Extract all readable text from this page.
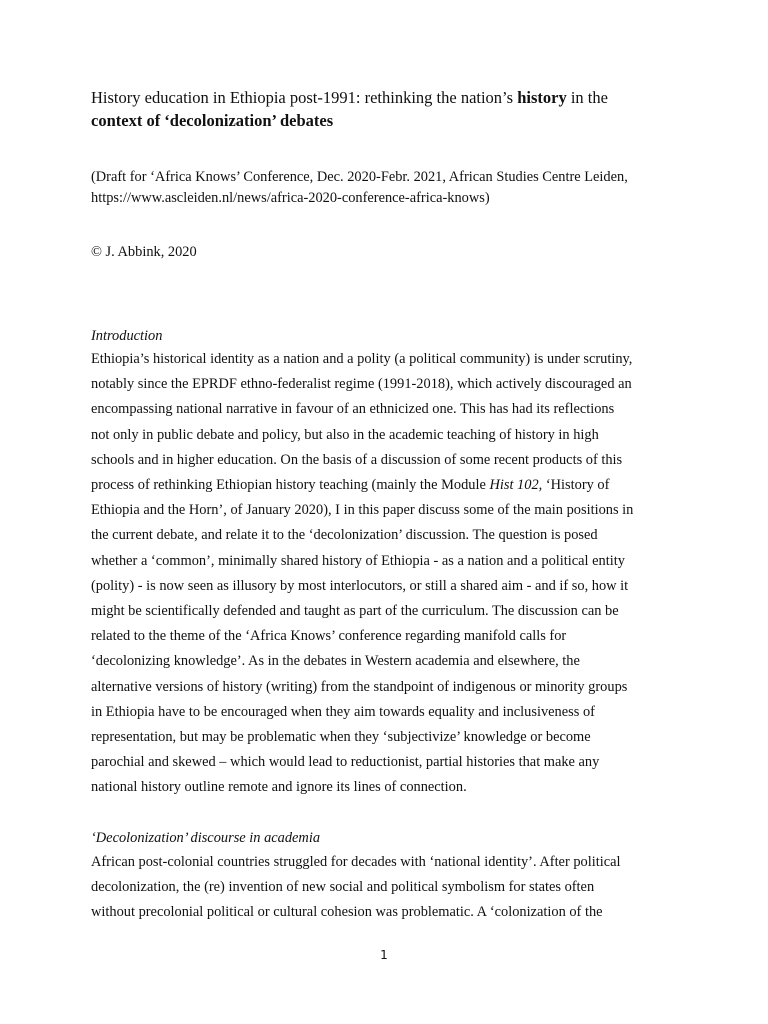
History education in Ethiopia post-1991: rethinking the nation’s history in the
context of ‘decolonization’ debates
(Draft for ‘Africa Knows’ Conference, Dec. 2020-Febr. 2021, African Studies Centre Leiden,
https://www.ascleiden.nl/news/africa-2020-conference-africa-knows)
© J. Abbink, 2020
Introduction
Ethiopia’s historical identity as a nation and a polity (a political community) is under scrutiny,
notably since the EPRDF ethno-federalist regime (1991-2018), which actively discouraged an
encompassing national narrative in favour of an ethnicized one. This has had its reflections
not only in public debate and policy, but also in the academic teaching of history in high
schools and in higher education. On the basis of a discussion of some recent products of this
process of rethinking Ethiopian history teaching (mainly the Module Hist 102, ‘History of
Ethiopia and the Horn’, of January 2020), I in this paper discuss some of the main positions in
the current debate, and relate it to the ‘decolonization’ discussion. The question is posed
whether a ‘common’, minimally shared history of Ethiopia - as a nation and a political entity
(polity) - is now seen as illusory by most interlocutors, or still a shared aim - and if so, how it
might be scientifically defended and taught as part of the curriculum. The discussion can be
related to the theme of the ‘Africa Knows’ conference regarding manifold calls for
‘decolonizing knowledge’. As in the debates in Western academia and elsewhere, the
alternative versions of history (writing) from the standpoint of indigenous or minority groups
in Ethiopia have to be encouraged when they aim towards equality and inclusiveness of
representation, but may be problematic when they ‘subjectivize’ knowledge or become
parochial and skewed – which would lead to reductionist, partial histories that make any
national history outline remote and ignore its lines of connection.
‘Decolonization’ discourse in academia
African post-colonial countries struggled for decades with ‘national identity’. After political
decolonization, the (re) invention of new social and political symbolism for states often
without precolonial political or cultural cohesion was problematic. A ‘colonization of the
1
